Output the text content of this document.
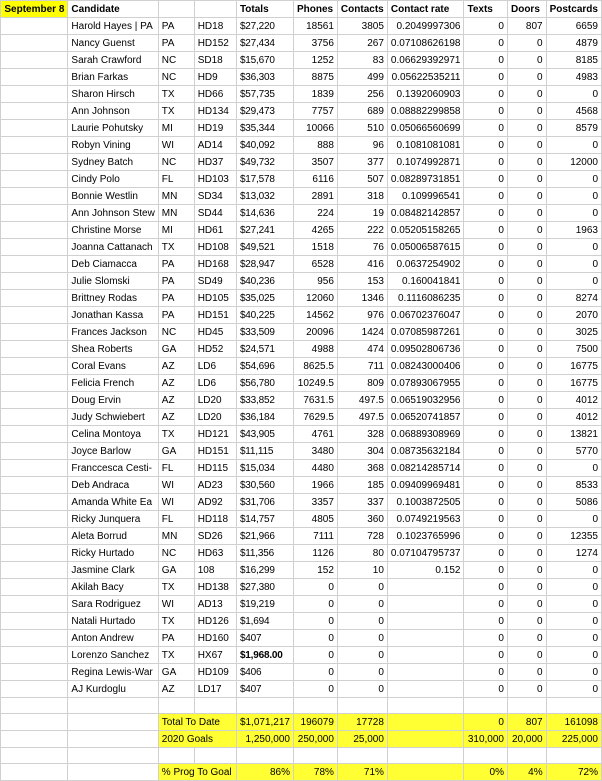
September 8	Candidate			Totals	Phones	Contacts	Contact rate	Texts	Doors	Postcards
	Harold Hayes | PA	PA	HD18	$27,220	18561	3805	0.2049997306	0	807	6659
	Nancy Guenst	PA	HD152	$27,434	3756	267	0.07108626198	0	0	4879
	Sarah Crawford	NC	SD18	$15,670	1252	83	0.06629392971	0	0	8185
	Brian Farkas	NC	HD9	$36,303	8875	499	0.05622535211	0	0	4983
	Sharon Hirsch	TX	HD66	$57,735	1839	256	0.1392060903	0	0	0
	Ann Johnson	TX	HD134	$29,473	7757	689	0.08882299858	0	0	4568
	Laurie Pohutsky	MI	HD19	$35,344	10066	510	0.05066560699	0	0	8579
	Robyn Vining	WI	AD14	$40,092	888	96	0.1081081081	0	0	0
	Sydney Batch	NC	HD37	$49,732	3507	377	0.1074992871	0	0	12000
	Cindy Polo	FL	HD103	$17,578	6116	507	0.08289731851	0	0	0
	Bonnie Westlin	MN	SD34	$13,032	2891	318	0.109996541	0	0	0
	Ann Johnson Stew	MN	SD44	$14,636	224	19	0.08482142857	0	0	0
	Christine Morse	MI	HD61	$27,241	4265	222	0.05205158265	0	0	1963
	Joanna Cattanach	TX	HD108	$49,521	1518	76	0.05006587615	0	0	0
	Deb Ciamacca	PA	HD168	$28,947	6528	416	0.0637254902	0	0	0
	Julie Slomski	PA	SD49	$40,236	956	153	0.160041841	0	0	0
	Brittney Rodas	PA	HD105	$35,025	12060	1346	0.1116086235	0	0	8274
	Jonathan Kassa	PA	HD151	$40,225	14562	976	0.06702376047	0	0	2070
	Frances Jackson	NC	HD45	$33,509	20096	1424	0.07085987261	0	0	3025
	Shea Roberts	GA	HD52	$24,571	4988	474	0.09502806736	0	0	7500
	Coral Evans	AZ	LD6	$54,696	8625.5	711	0.08243000406	0	0	16775
	Felicia French	AZ	LD6	$56,780	10249.5	809	0.07893067955	0	0	16775
	Doug Ervin	AZ	LD20	$33,852	7631.5	497.5	0.06519032956	0	0	4012
	Judy Schwiebert	AZ	LD20	$36,184	7629.5	497.5	0.06520741857	0	0	4012
	Celina Montoya	TX	HD121	$43,905	4761	328	0.06889308969	0	0	13821
	Joyce Barlow	GA	HD151	$11,115	3480	304	0.08735632184	0	0	5770
	Franccesca Cesti-	FL	HD115	$15,034	4480	368	0.08214285714	0	0	0
	Deb Andraca	WI	AD23	$30,560	1966	185	0.09409969481	0	0	8533
	Amanda White Ea	WI	AD92	$31,706	3357	337	0.1003872505	0	0	5086
	Ricky Junquera	FL	HD118	$14,757	4805	360	0.0749219563	0	0	0
	Aleta Borrud	MN	SD26	$21,966	7111	728	0.1023765996	0	0	12355
	Ricky Hurtado	NC	HD63	$11,356	1126	80	0.07104795737	0	0	1274
	Jasmine Clark	GA	108	$16,299	152	10	0.152	0	0	0
	Akilah Bacy	TX	HD138	$27,380	0	0		0	0	0
	Sara Rodriguez	WI	AD13	$19,219	0	0		0	0	0
	Natali Hurtado	TX	HD126	$1,694	0	0		0	0	0
	Anton Andrew	PA	HD160	$407	0	0		0	0	0
	Lorenzo Sanchez	TX	HX67	$1,968.00	0	0		0	0	0
	Regina Lewis-War	GA	HD109	$406	0	0		0	0	0
	AJ Kurdoglu	AZ	LD17	$407	0	0		0	0	0

		Total To Date		$1,071,217	196079	17728		0	807	161098
		2020 Goals		1,250,000	250,000	25,000		310,000	20,000	225,000

		% Prog To Goal		86%	78%	71%		0%	4%	72%
